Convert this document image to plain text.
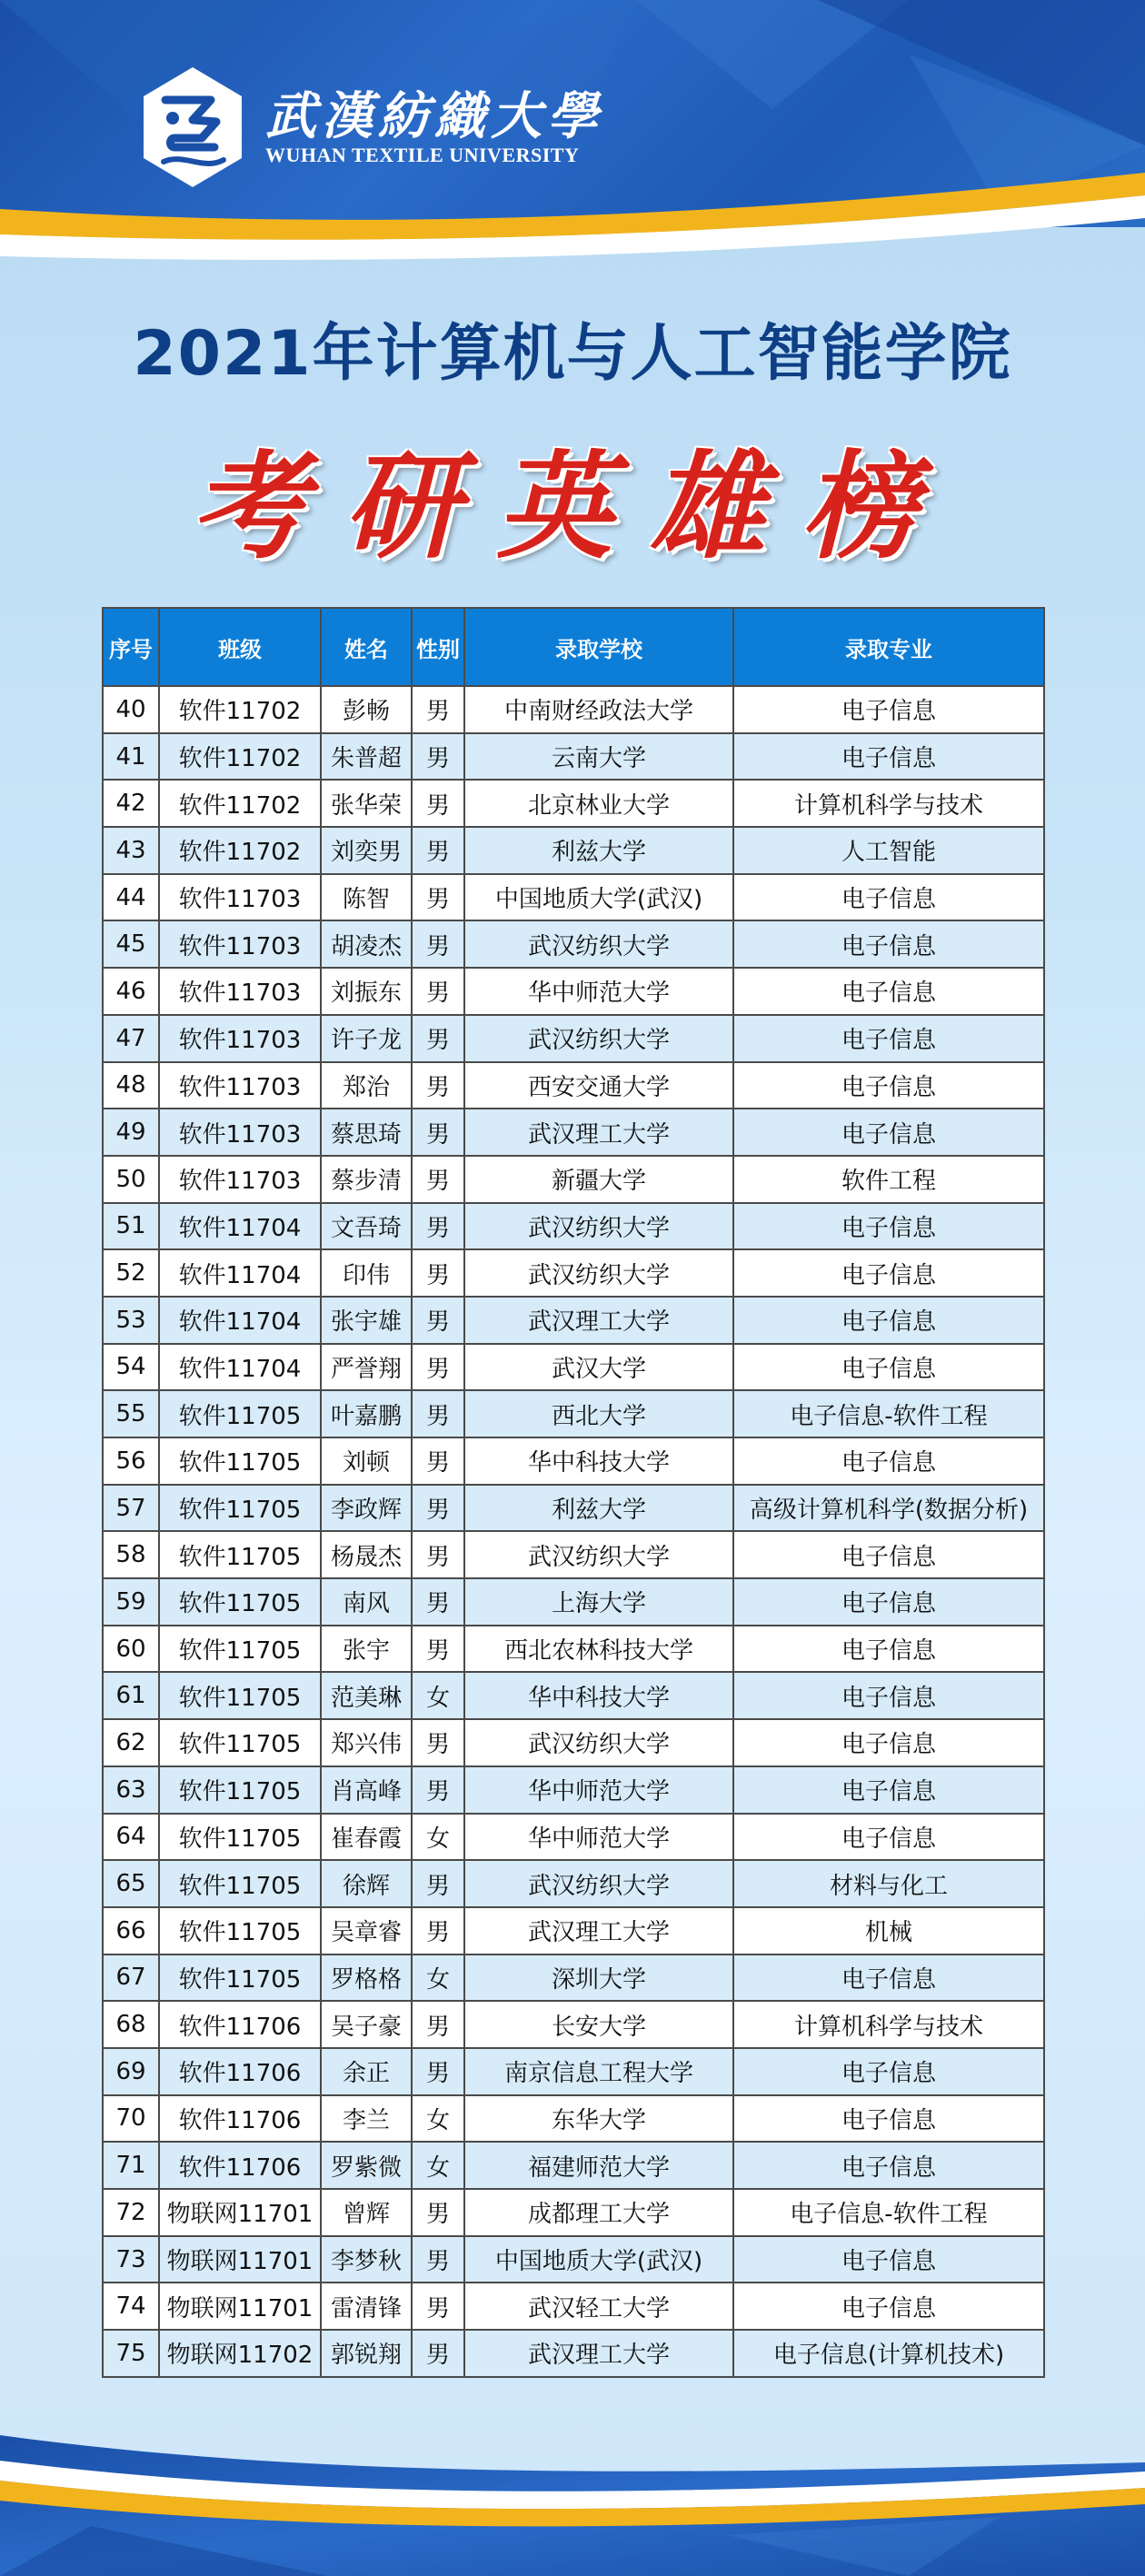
武漢紡織大學
WUHAN TEXTILE UNIVERSITY
2021年计算机与人工智能学院
考研英雄榜
序号	班级	姓名	性别	录取学校	录取专业
40	软件11702	彭畅	男	中南财经政法大学	电子信息
41	软件11702	朱普超	男	云南大学	电子信息
42	软件11702	张华荣	男	北京林业大学	计算机科学与技术
43	软件11702	刘奕男	男	利兹大学	人工智能
44	软件11703	陈智	男	中国地质大学(武汉)	电子信息
45	软件11703	胡凌杰	男	武汉纺织大学	电子信息
46	软件11703	刘振东	男	华中师范大学	电子信息
47	软件11703	许子龙	男	武汉纺织大学	电子信息
48	软件11703	郑治	男	西安交通大学	电子信息
49	软件11703	蔡思琦	男	武汉理工大学	电子信息
50	软件11703	蔡步清	男	新疆大学	软件工程
51	软件11704	文吾琦	男	武汉纺织大学	电子信息
52	软件11704	印伟	男	武汉纺织大学	电子信息
53	软件11704	张宇雄	男	武汉理工大学	电子信息
54	软件11704	严誉翔	男	武汉大学	电子信息
55	软件11705	叶嘉鹏	男	西北大学	电子信息-软件工程
56	软件11705	刘顿	男	华中科技大学	电子信息
57	软件11705	李政辉	男	利兹大学	高级计算机科学(数据分析)
58	软件11705	杨晟杰	男	武汉纺织大学	电子信息
59	软件11705	南风	男	上海大学	电子信息
60	软件11705	张宇	男	西北农林科技大学	电子信息
61	软件11705	范美琳	女	华中科技大学	电子信息
62	软件11705	郑兴伟	男	武汉纺织大学	电子信息
63	软件11705	肖高峰	男	华中师范大学	电子信息
64	软件11705	崔春霞	女	华中师范大学	电子信息
65	软件11705	徐辉	男	武汉纺织大学	材料与化工
66	软件11705	吴章睿	男	武汉理工大学	机械
67	软件11705	罗格格	女	深圳大学	电子信息
68	软件11706	吴子豪	男	长安大学	计算机科学与技术
69	软件11706	余正	男	南京信息工程大学	电子信息
70	软件11706	李兰	女	东华大学	电子信息
71	软件11706	罗紫微	女	福建师范大学	电子信息
72	物联网11701	曾辉	男	成都理工大学	电子信息-软件工程
73	物联网11701	李梦秋	男	中国地质大学(武汉)	电子信息
74	物联网11701	雷清锋	男	武汉轻工大学	电子信息
75	物联网11702	郭锐翔	男	武汉理工大学	电子信息(计算机技术)
